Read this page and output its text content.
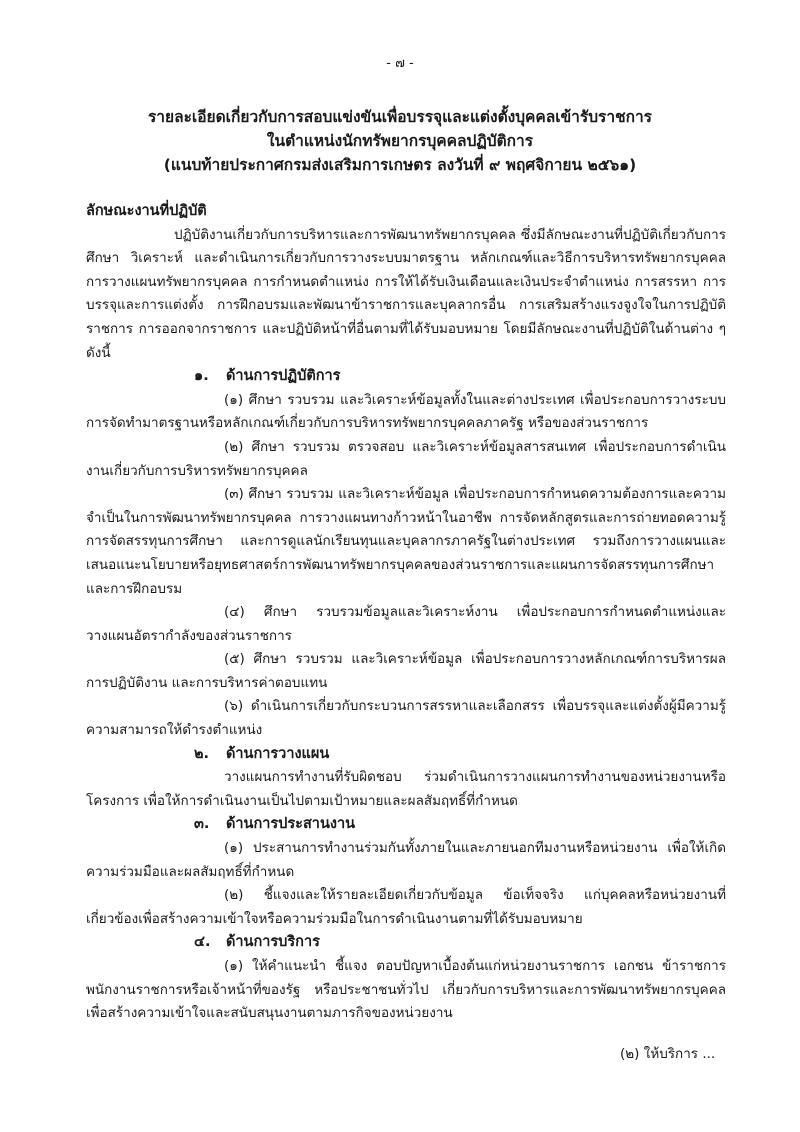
- ๗ -
รายละเอียดเกี่ยวกับการสอบแข่งขันเพื่อบรรจุและแต่งตั้งบุคคลเข้ารับราชการ
ในตำแหน่งนักทรัพยากรบุคคลปฏิบัติการ
(แนบท้ายประกาศกรมส่งเสริมการเกษตร ลงวันที่ ๙ พฤศจิกายน ๒๕๖๑)
ลักษณะงานที่ปฏิบัติ

ปฏิบัติงานเกี่ยวกับการบริหารและการพัฒนาทรัพยากรบุคคล ซึ่งมีลักษณะงานที่ปฏิบัติเกี่ยวกับการศึกษา วิเคราะห์ และดำเนินการเกี่ยวกับการวางระบบมาตรฐาน หลักเกณฑ์และวิธีการบริหารทรัพยากรบุคคล การวางแผนทรัพยากรบุคคล การกำหนดตำแหน่ง การให้ได้รับเงินเดือนและเงินประจำตำแหน่ง การสรรหา การบรรจุและการแต่งตั้ง การฝึกอบรมและพัฒนาข้าราชการและบุคลากรอื่น การเสริมสร้างแรงจูงใจในการปฏิบัติราชการ การออกจากราชการ และปฏิบัติหน้าที่อื่นตามที่ได้รับมอบหมาย โดยมีลักษณะงานที่ปฏิบัติในด้านต่าง ๆ ดังนี้

๑. ด้านการปฏิบัติการ

(๑) ศึกษา รวบรวม และวิเคราะห์ข้อมูลทั้งในและต่างประเทศ เพื่อประกอบการวางระบบการจัดทำมาตรฐานหรือหลักเกณฑ์เกี่ยวกับการบริหารทรัพยากรบุคคลภาครัฐ หรือของส่วนราชการ

(๒) ศึกษา รวบรวม ตรวจสอบ และวิเคราะห์ข้อมูลสารสนเทศ เพื่อประกอบการดำเนินงานเกี่ยวกับการบริหารทรัพยากรบุคคล

(๓) ศึกษา รวบรวม และวิเคราะห์ข้อมูล เพื่อประกอบการกำหนดความต้องการและความจำเป็นในการพัฒนาทรัพยากรบุคคล การวางแผนทางก้าวหน้าในอาชีพ การจัดหลักสูตรและการถ่ายทอดความรู้ การจัดสรรทุนการศึกษา และการดูแลนักเรียนทุนและบุคลากรภาครัฐในต่างประเทศ รวมถึงการวางแผนและเสนอแนะนโยบายหรือยุทธศาสตร์การพัฒนาทรัพยากรบุคคลของส่วนราชการและแผนการจัดสรรทุนการศึกษาและการฝึกอบรม

(๔) ศึกษา รวบรวมข้อมูลและวิเคราะห์งาน เพื่อประกอบการกำหนดตำแหน่งและวางแผนอัตรากำลังของส่วนราชการ

(๕) ศึกษา รวบรวม และวิเคราะห์ข้อมูล เพื่อประกอบการวางหลักเกณฑ์การบริหารผลการปฏิบัติงาน และการบริหารค่าตอบแทน

(๖) ดำเนินการเกี่ยวกับกระบวนการสรรหาและเลือกสรร เพื่อบรรจุและแต่งตั้งผู้มีความรู้ความสามารถให้ดำรงตำแหน่ง

๒. ด้านการวางแผน

วางแผนการทำงานที่รับผิดชอบ ร่วมดำเนินการวางแผนการทำงานของหน่วยงานหรือโครงการ เพื่อให้การดำเนินงานเป็นไปตามเป้าหมายและผลสัมฤทธิ์ที่กำหนด

๓. ด้านการประสานงาน

(๑) ประสานการทำงานร่วมกันทั้งภายในและภายนอกทีมงานหรือหน่วยงาน เพื่อให้เกิดความร่วมมือและผลสัมฤทธิ์ที่กำหนด

(๒) ชี้แจงและให้รายละเอียดเกี่ยวกับข้อมูล ข้อเท็จจริง แก่บุคคลหรือหน่วยงานที่เกี่ยวข้องเพื่อสร้างความเข้าใจหรือความร่วมมือในการดำเนินงานตามที่ได้รับมอบหมาย

๔. ด้านการบริการ

(๑) ให้คำแนะนำ ชี้แจง ตอบปัญหาเบื้องต้นแก่หน่วยงานราชการ เอกชน ข้าราชการพนักงานราชการหรือเจ้าหน้าที่ของรัฐ หรือประชาชนทั่วไป เกี่ยวกับการบริหารและการพัฒนาทรัพยากรบุคคลเพื่อสร้างความเข้าใจและสนับสนุนงานตามภารกิจของหน่วยงาน

(๒) ให้บริการ ...
